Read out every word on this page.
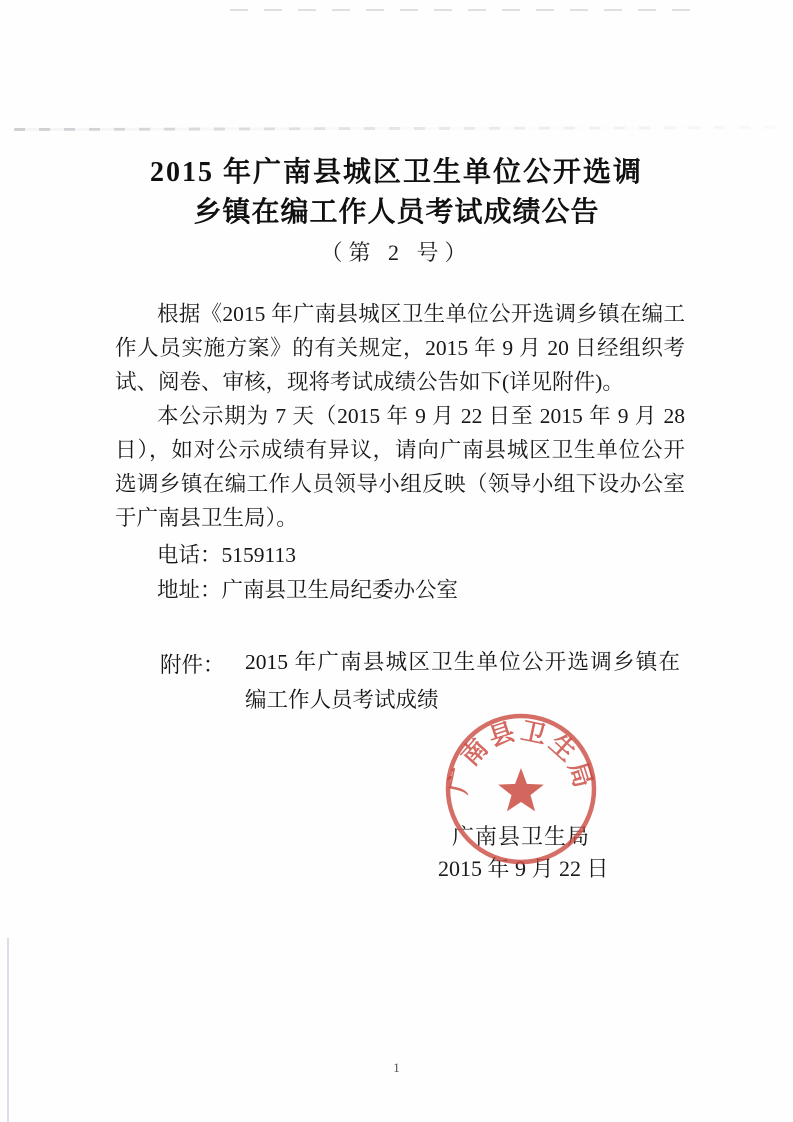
2015 年广南县城区卫生单位公开选调
乡镇在编工作人员考试成绩公告
（第 2 号）
根据《2015 年广南县城区卫生单位公开选调乡镇在编工
作人员实施方案》的有关规定，2015 年 9 月 20 日经组织考
试、阅卷、审核，现将考试成绩公告如下(详见附件)。
本公示期为 7 天（2015 年 9 月 22 日至 2015 年 9 月 28
日），如对公示成绩有异议，请向广南县城区卫生单位公开
选调乡镇在编工作人员领导小组反映（领导小组下设办公室
于广南县卫生局）。
电话：5159113
地址：广南县卫生局纪委办公室
附件： 2015 年广南县城区卫生单位公开选调乡镇在
编工作人员考试成绩
广南县卫生局
2015 年 9 月 22 日
广
南
县 卫
生
局
1
